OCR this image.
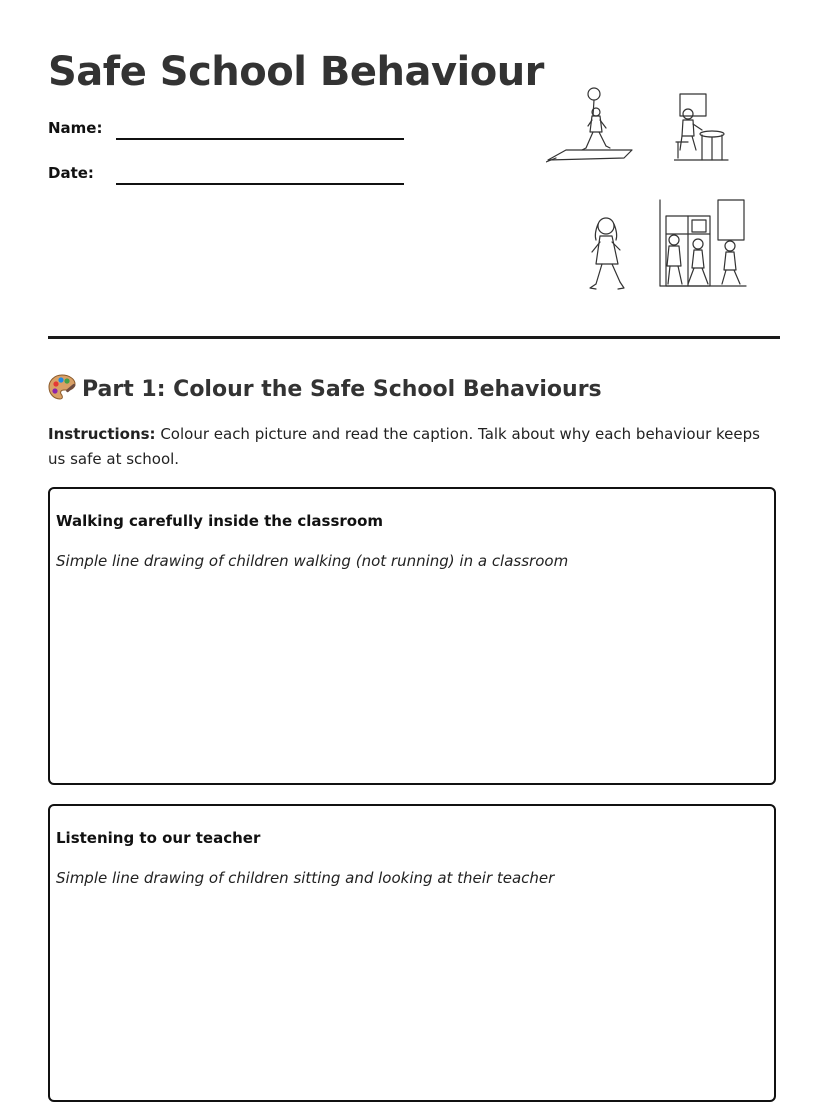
Safe School Behaviour
Name:
Date:
Part 1: Colour the Safe School Behaviours

Instructions: Colour each picture and read the caption. Talk about why each behaviour keeps us safe at school.

Walking carefully inside the classroom
Simple line drawing of children walking (not running) in a classroom
Listening to our teacher
Simple line drawing of children sitting and looking at their teacher
